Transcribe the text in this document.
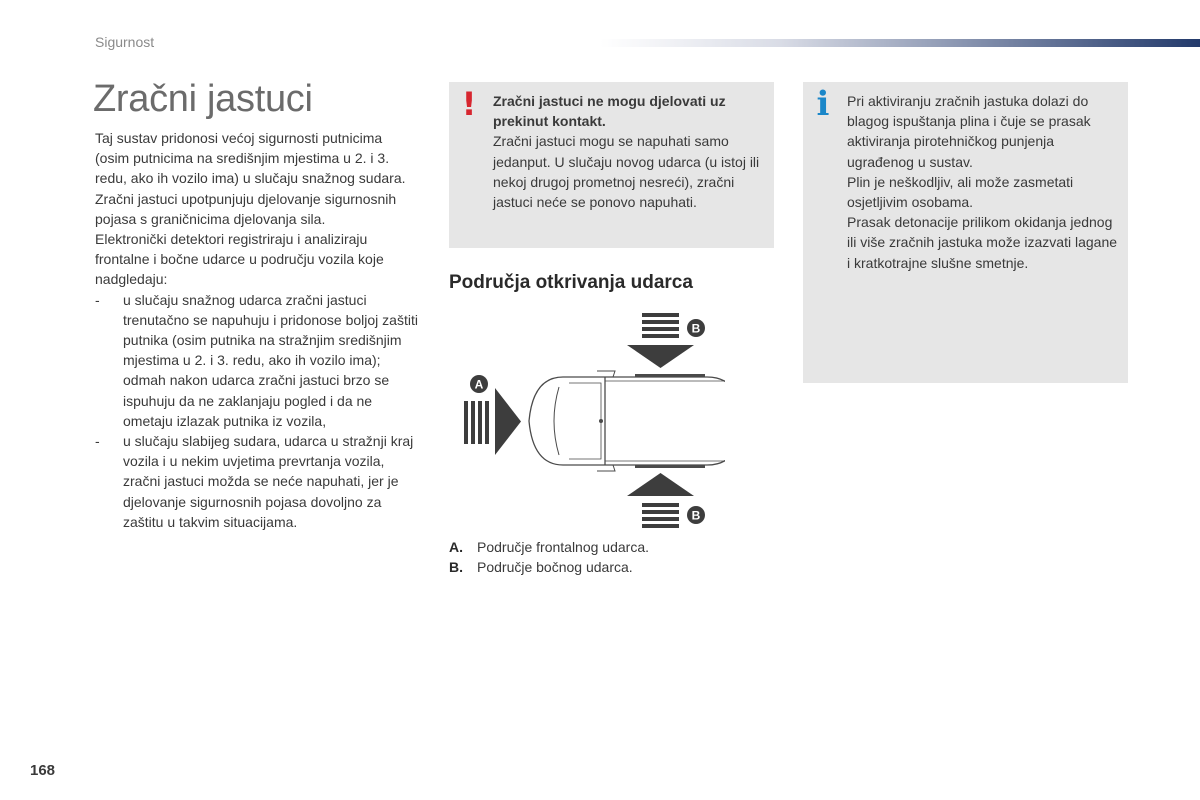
Sigurnost
Zračni jastuci

Taj sustav pridonosi većoj sigurnosti putnicima (osim putnicima na središnjim mjestima u 2. i 3. redu, ako ih vozilo ima) u slučaju snažnog sudara. Zračni jastuci upotpunjuju djelovanje sigurnosnih pojasa s graničnicima djelovanja sila.

Elektronički detektori registriraju i analiziraju frontalne i bočne udarce u području vozila koje nadgledaju:

- u slučaju snažnog udarca zračni jastuci trenutačno se napuhuju i pridonose boljoj zaštiti putnika (osim putnika na stražnjim središnjim mjestima u 2. i 3. redu, ako ih vozilo ima); odmah nakon udarca zračni jastuci brzo se ispuhuju da ne zaklanjaju pogled i da ne ometaju izlazak putnika iz vozila,
- u slučaju slabijeg sudara, udarca u stražnji kraj vozila i u nekim uvjetima prevrtanja vozila, zračni jastuci možda se neće napuhati, jer je djelovanje sigurnosnih pojasa dovoljno za zaštitu u takvim situacijama.
! Zračni jastuci ne mogu djelovati uz prekinut kontakt.

Zračni jastuci mogu se napuhati samo jedanput. U slučaju novog udarca (u istoj ili nekoj drugoj prometnoj nesreći), zračni jastuci neće se ponovo napuhati.

i Pri aktiviranju zračnih jastuka dolazi do blagog ispuštanja plina i čuje se prasak aktiviranja pirotehničkog punjenja ugrađenog u sustav.

Plin je neškodljiv, ali može zasmetati osjetljivim osobama.

Prasak detonacije prilikom okidanja jednog ili više zračnih jastuka može izazvati lagane i kratkotrajne slušne smetnje.

Područja otkrivanja udarca
B
A
B
A.	Područje frontalnog udarca.
B.	Područje bočnog udarca.
168
